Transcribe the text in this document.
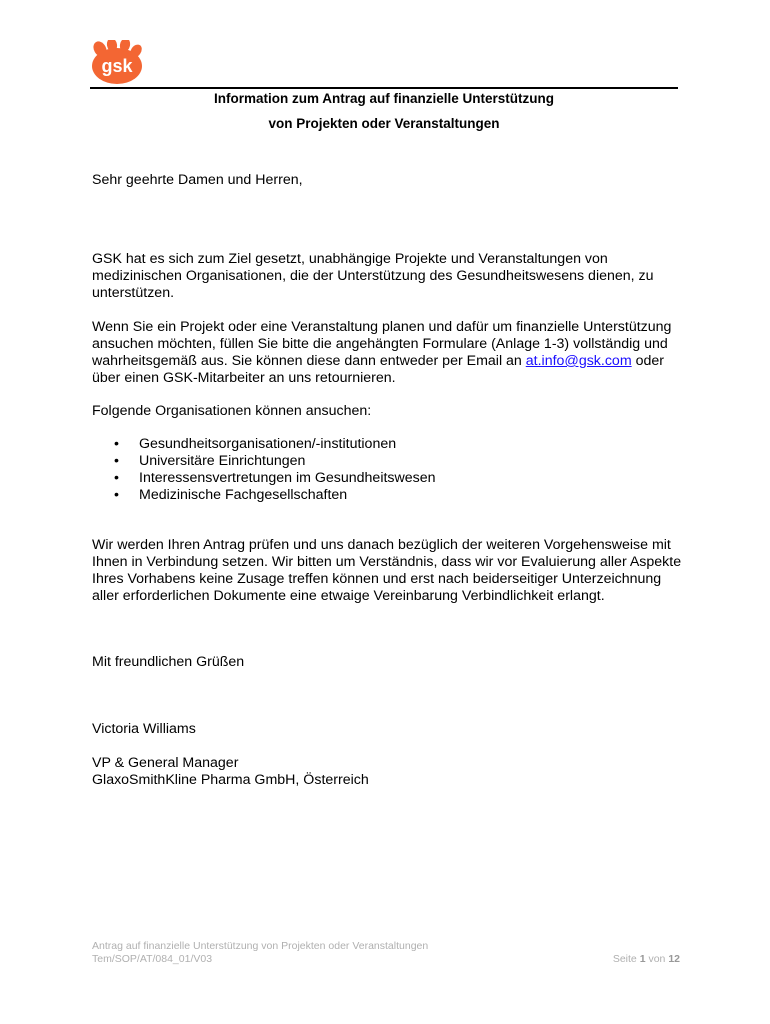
gsk
Information zum Antrag auf finanzielle Unterstützung
von Projekten oder Veranstaltungen
Sehr geehrte Damen und Herren,
GSK hat es sich zum Ziel gesetzt, unabhängige Projekte und Veranstaltungen von medizinischen Organisationen, die der Unterstützung des Gesundheitswesens dienen, zu unterstützen.
Wenn Sie ein Projekt oder eine Veranstaltung planen und dafür um finanzielle Unterstützung ansuchen möchten, füllen Sie bitte die angehängten Formulare (Anlage 1-3) vollständig und wahrheitsgemäß aus. Sie können diese dann entweder per Email an at.info@gsk.com oder über einen GSK-Mitarbeiter an uns retournieren.
Folgende Organisationen können ansuchen:
• Gesundheitsorganisationen/-institutionen
• Universitäre Einrichtungen
• Interessensvertretungen im Gesundheitswesen
• Medizinische Fachgesellschaften
Wir werden Ihren Antrag prüfen und uns danach bezüglich der weiteren Vorgehensweise mit Ihnen in Verbindung setzen. Wir bitten um Verständnis, dass wir vor Evaluierung aller Aspekte Ihres Vorhabens keine Zusage treffen können und erst nach beiderseitiger Unterzeichnung aller erforderlichen Dokumente eine etwaige Vereinbarung Verbindlichkeit erlangt.
Mit freundlichen Grüßen
Victoria Williams
VP & General Manager
GlaxoSmithKline Pharma GmbH, Österreich
Antrag auf finanzielle Unterstützung von Projekten oder Veranstaltungen
Tem/SOP/AT/084_01/V03	Seite 1 von 12
